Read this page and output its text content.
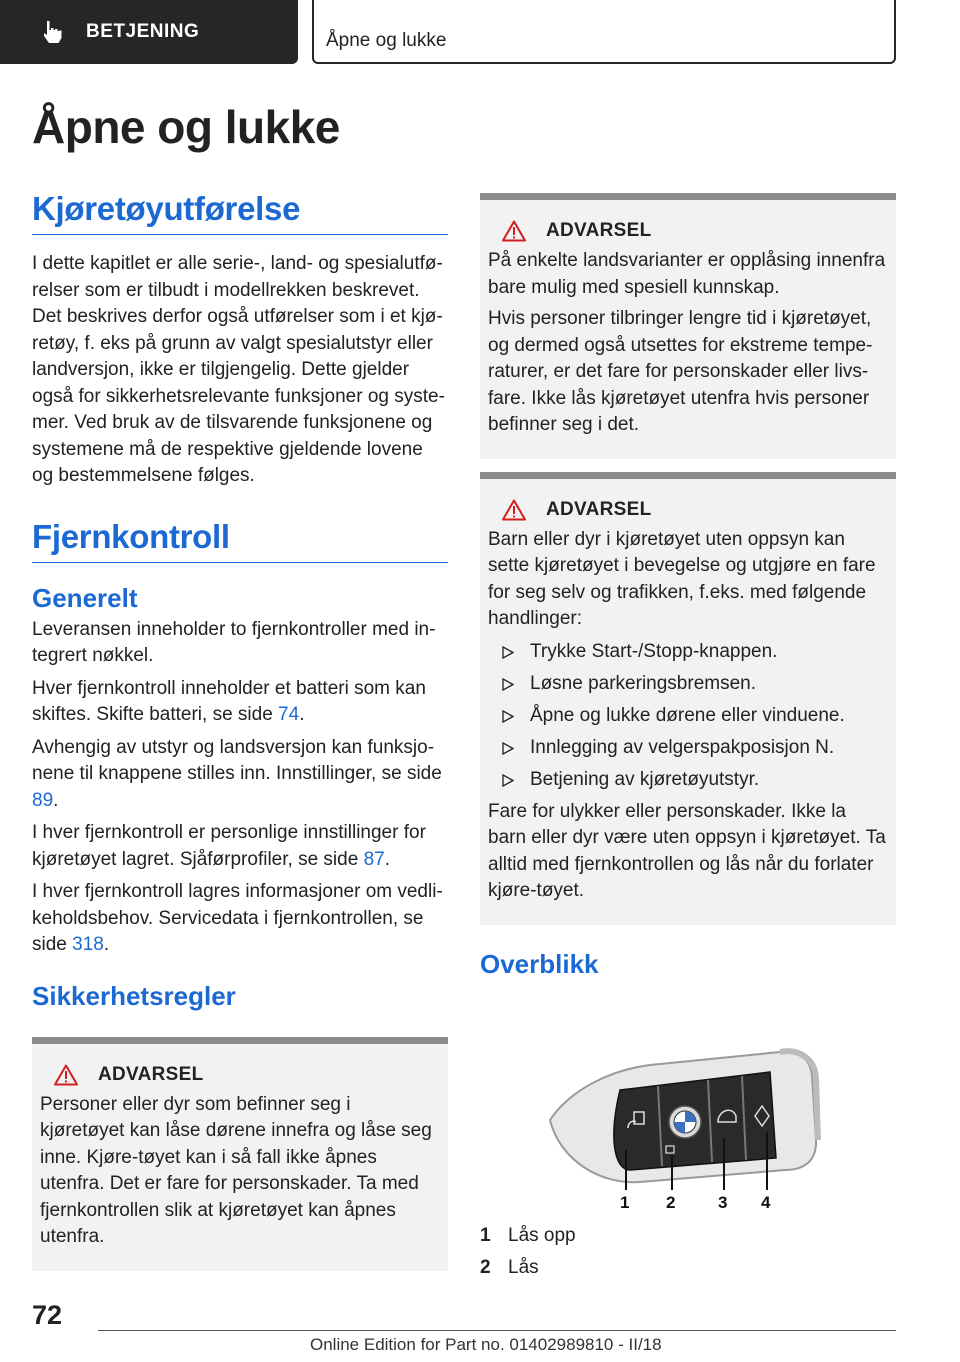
BETJENING	Åpne og lukke
Åpne og lukke
Kjøretøyutførelse

I dette kapitlet er alle serie-, land- og spesialutfø-relser som er tilbudt i modellrekken beskrevet. Det beskrives derfor også utførelser som i et kjø-retøy, f. eks på grunn av valgt spesialutstyr eller landversjon, ikke er tilgjengelig. Dette gjelder også for sikkerhetsrelevante funksjoner og syste-mer. Ved bruk av de tilsvarende funksjonene og systemene må de respektive gjeldende lovene og bestemmelsene følges.

Fjernkontroll
Generelt

Leveransen inneholder to fjernkontroller med in-tegrert nøkkel.

Hver fjernkontroll inneholder et batteri som kan skiftes. Skifte batteri, se side 74.

Avhengig av utstyr og landsversjon kan funksjo-nene til knappene stilles inn. Innstillinger, se side 89.

I hver fjernkontroll er personlige innstillinger for kjøretøyet lagret. Sjåførprofiler, se side 87.

I hver fjernkontroll lagres informasjoner om vedli-keholdsbehov. Servicedata i fjernkontrollen, se side 318.

Sikkerhetsregler
ADVARSEL

Personer eller dyr som befinner seg i kjøretøyet kan låse dørene innefra og låse seg inne. Kjøre-tøyet kan i så fall ikke åpnes utenfra. Det er fare for personskader. Ta med fjernkontrollen slik at kjøretøyet kan åpnes utenfra.

ADVARSEL

På enkelte landsvarianter er opplåsing innenfra bare mulig med spesiell kunnskap.

Hvis personer tilbringer lengre tid i kjøretøyet, og dermed også utsettes for ekstreme tempe-raturer, er det fare for personskader eller livs-fare. Ikke lås kjøretøyet utenfra hvis personer befinner seg i det.

ADVARSEL

Barn eller dyr i kjøretøyet uten oppsyn kan sette kjøretøyet i bevegelse og utgjøre en fare for seg selv og trafikken, f.eks. med følgende handlinger:

Trykke Start-/Stopp-knappen.
Løsne parkeringsbremsen.
Åpne og lukke dørene eller vinduene.
Innlegging av velgerspakposisjon N.
Betjening av kjøretøyutstyr.

Fare for ulykker eller personskader. Ikke la barn eller dyr være uten oppsyn i kjøretøyet. Ta alltid med fjernkontrollen og lås når du forlater kjøre-tøyet.

Overblikk
1 2	3 4
1 Lås opp
2 Lås
72
Online Edition for Part no. 01402989810 - II/18
